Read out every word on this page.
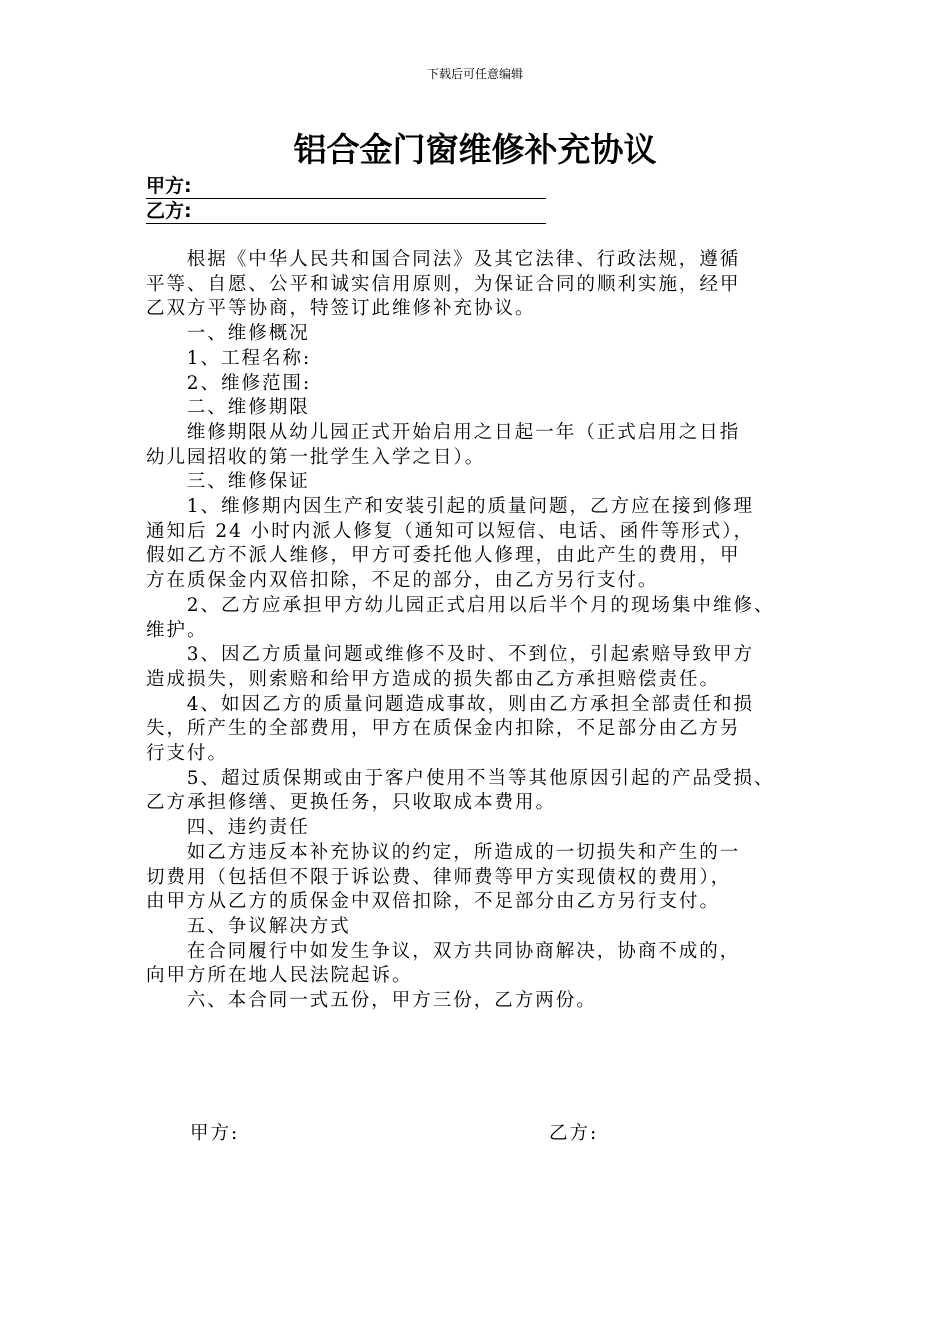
下载后可任意编辑
铝合金门窗维修补充协议
甲方:
乙方:

根据《中华人民共和国合同法》及其它法律、行政法规，遵循

平等、自愿、公平和诚实信用原则，为保证合同的顺利实施，经甲

乙双方平等协商，特签订此维修补充协议。

一、维修概况

1、工程名称:

2、维修范围:

二、维修期限

维修期限从幼儿园正式开始启用之日起一年（正式启用之日指

幼儿园招收的第一批学生入学之日）。

三、维修保证

1、维修期内因生产和安装引起的质量问题，乙方应在接到修理

通知后 24 小时内派人修复（通知可以短信、电话、函件等形式），

假如乙方不派人维修，甲方可委托他人修理，由此产生的费用，甲

方在质保金内双倍扣除，不足的部分，由乙方另行支付。

2、乙方应承担甲方幼儿园正式启用以后半个月的现场集中维修、

维护。

3、因乙方质量问题或维修不及时、不到位，引起索赔导致甲方

造成损失，则索赔和给甲方造成的损失都由乙方承担赔偿责任。

4、如因乙方的质量问题造成事故，则由乙方承担全部责任和损

失，所产生的全部费用，甲方在质保金内扣除，不足部分由乙方另

行支付。

5、超过质保期或由于客户使用不当等其他原因引起的产品受损、

乙方承担修缮、更换任务，只收取成本费用。

四、违约责任

如乙方违反本补充协议的约定，所造成的一切损失和产生的一

切费用（包括但不限于诉讼费、律师费等甲方实现债权的费用），

由甲方从乙方的质保金中双倍扣除，不足部分由乙方另行支付。

五、争议解决方式

在合同履行中如发生争议，双方共同协商解决，协商不成的，

向甲方所在地人民法院起诉。

六、本合同一式五份，甲方三份，乙方两份。

甲方:	乙方:
